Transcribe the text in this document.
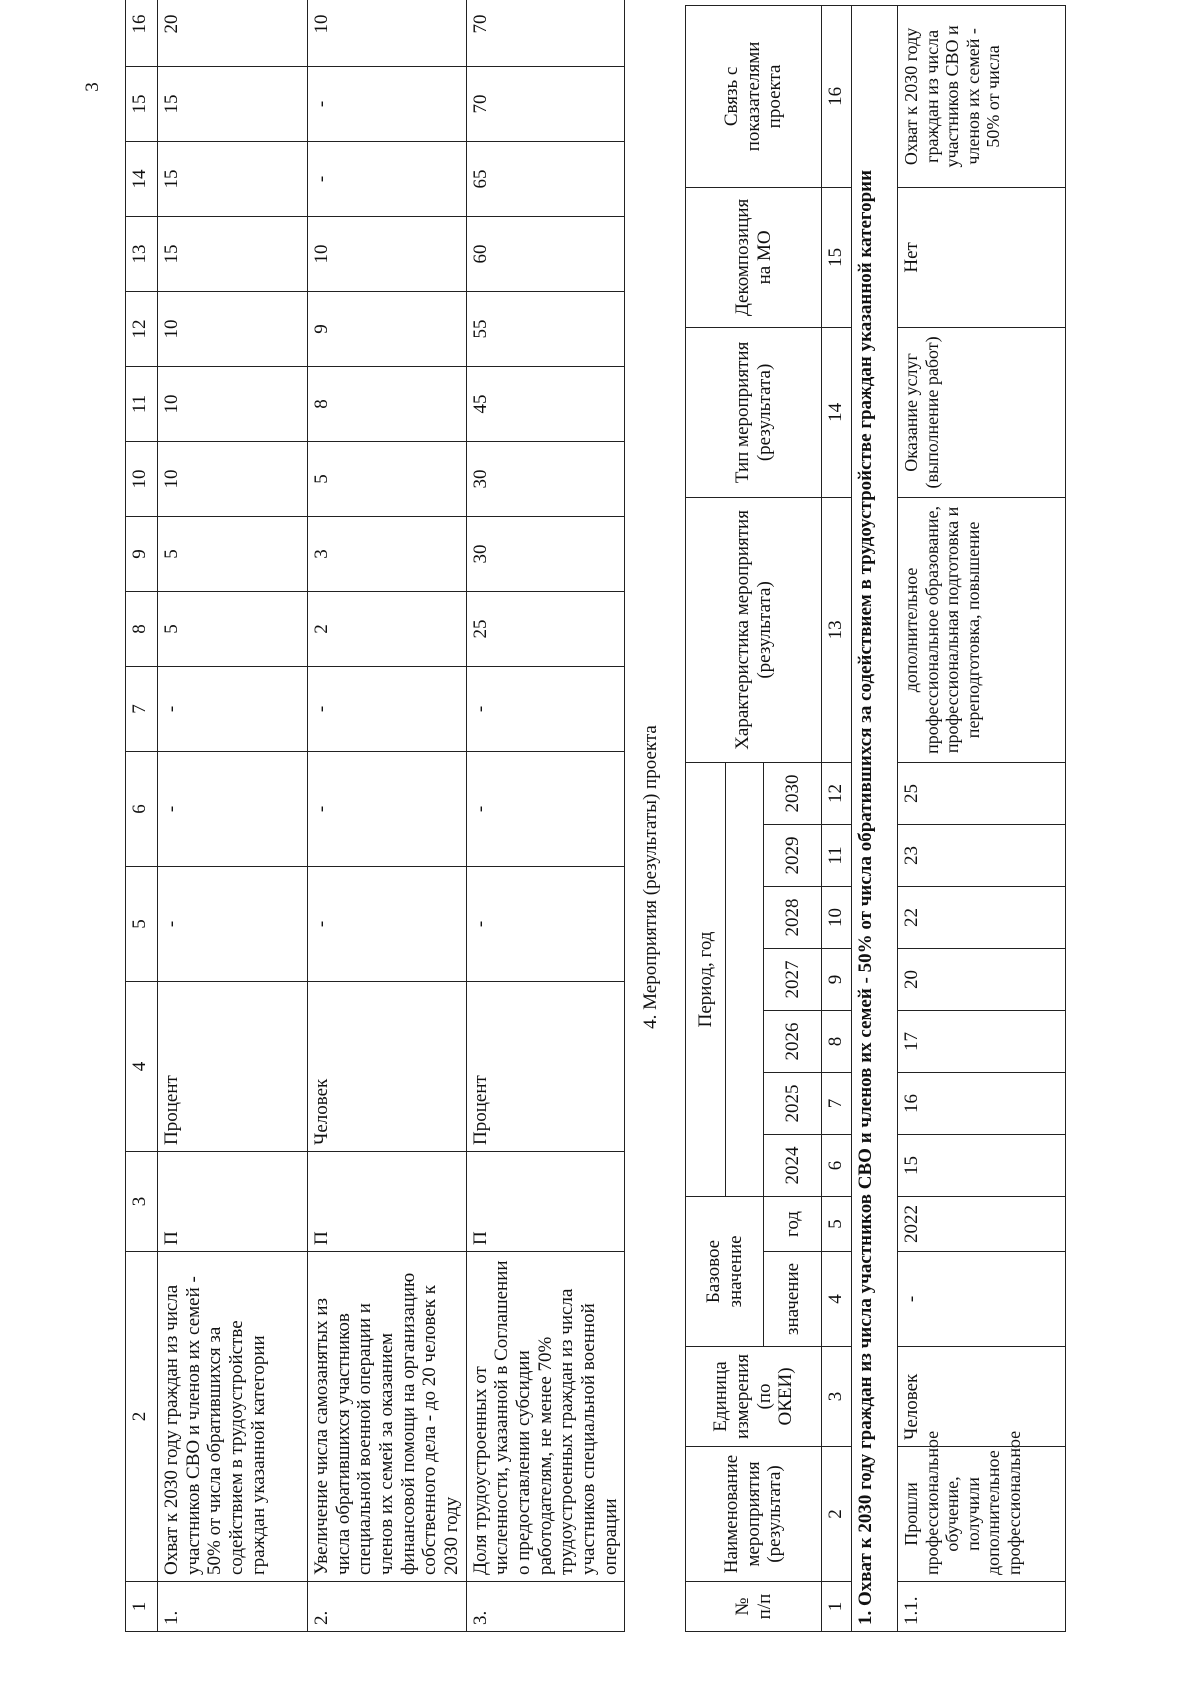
3
1	2	3	4	5	6	7	8	9	10	11	12	13	14	15	16
1.	Охват к 2030 году граждан из числа участников СВО и членов их семей - 50% от числа обратившихся за содействием в трудоустройстве граждан указанной категории	П	Процент	-	-	-	5	5	10	10	10	15	15	15	20
2.	Увеличение числа самозанятых из числа обратившихся участников специальной военной операции и членов их семей за оказанием финансовой помощи на организацию собственного дела - до 20 человек к 2030 году	П	Человек	-	-	-	2	3	5	8	9	10	-	-	10
3.	Доля трудоустроенных от численности, указанной в Соглашении о предоставлении субсидии работодателям, не менее 70% трудоустроенных граждан из числа участников специальной военной операции	П	Процент	-	-	-	25	30	30	45	55	60	65	70	70
4. Мероприятия (результаты) проекта
№ п/п	Наименование мероприятия (результата)	Единица измерения (по ОКЕИ)	Базовое значение		Период, год							Характеристика мероприятия (результата)	Тип мероприятия (результата)	Декомпозиция на МО	Связь с показателями проекта

			значение	год	2024	2025	2026	2027	2028	2029	2030				
1	2	3	4	5	6	7	8	9	10	11	12	13	14	15	16
1. Охват к 2030 году граждан из числа участников СВО и членов их семей - 50% от числа обратившихся за содействием в трудоустройстве граждан указанной категории															
1.1.	Прошли профессиональное обучение, получили дополнительное профессиональное	Человек	-	2022	15	16	17	20	22	23	25	дополнительное профессиональное образование, профессиональная подготовка и переподготовка, повышение	Оказание услуг (выполнение работ)	Нет	Охват к 2030 году граждан из числа участников СВО и членов их семей - 50% от числа
